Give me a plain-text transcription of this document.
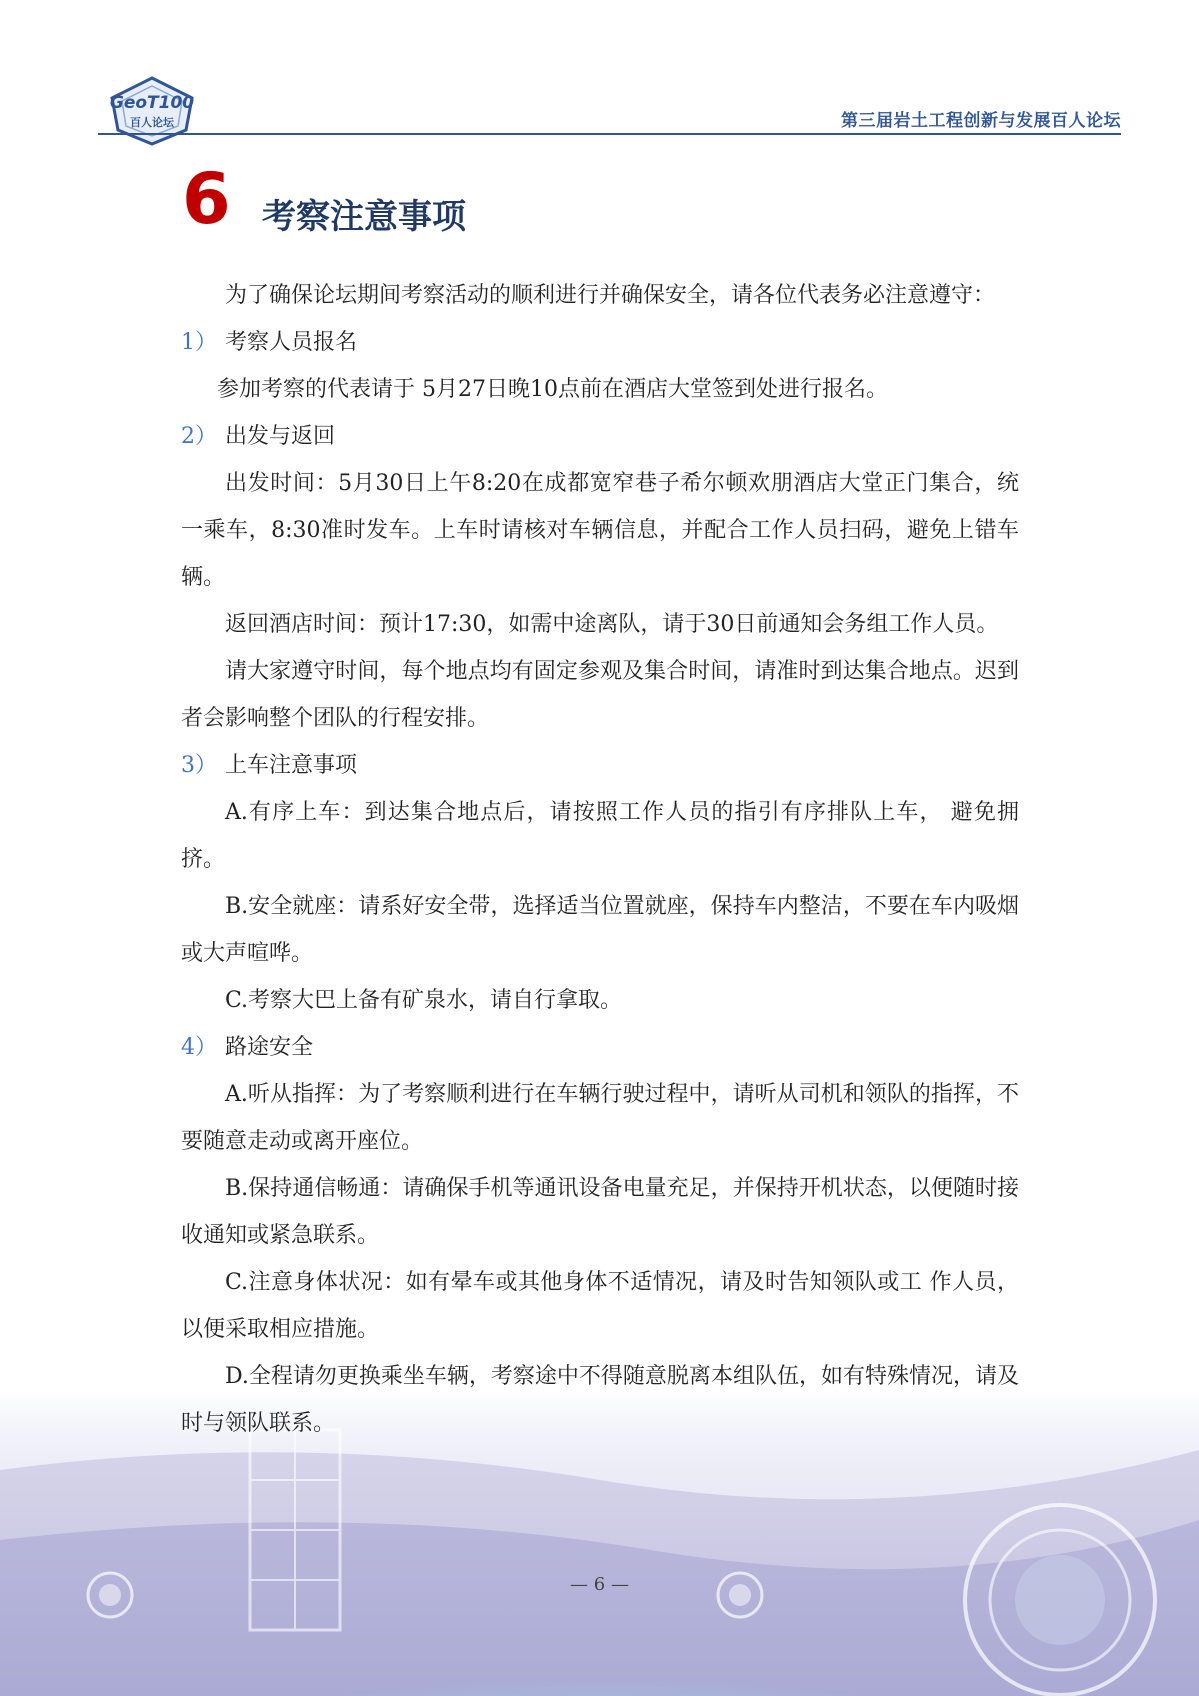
GeoT100
百人论坛	第三届岩土工程创新与发展百人论坛
6 考察注意事项

为了确保论坛期间考察活动的顺利进行并确保安全，请各位代表务必注意遵守：

1） 考察人员报名

参加考察的代表请于 5月27日晚10点前在酒店大堂签到处进行报名。

2） 出发与返回

出发时间：5月30日上午8:20在成都宽窄巷子希尔顿欢朋酒店大堂正门集合，统一乘车，8:30准时发车。上车时请核对车辆信息，并配合工作人员扫码，避免上错车辆。

返回酒店时间：预计17:30，如需中途离队，请于30日前通知会务组工作人员。

请大家遵守时间，每个地点均有固定参观及集合时间，请准时到达集合地点。迟到者会影响整个团队的行程安排。

3） 上车注意事项

A.有序上车：到达集合地点后，请按照工作人员的指引有序排队上车， 避免拥挤。

B.安全就座：请系好安全带，选择适当位置就座，保持车内整洁，不要在车内吸烟或大声喧哗。

C.考察大巴上备有矿泉水，请自行拿取。

4） 路途安全

A.听从指挥：为了考察顺利进行在车辆行驶过程中，请听从司机和领队的指挥，不要随意走动或离开座位。

B.保持通信畅通：请确保手机等通讯设备电量充足，并保持开机状态，以便随时接收通知或紧急联系。

C.注意身体状况：如有晕车或其他身体不适情况，请及时告知领队或工 作人员，以便采取相应措施。

D.全程请勿更换乘坐车辆，考察途中不得随意脱离本组队伍，如有特殊情况，请及时与领队联系。

— 6 —
